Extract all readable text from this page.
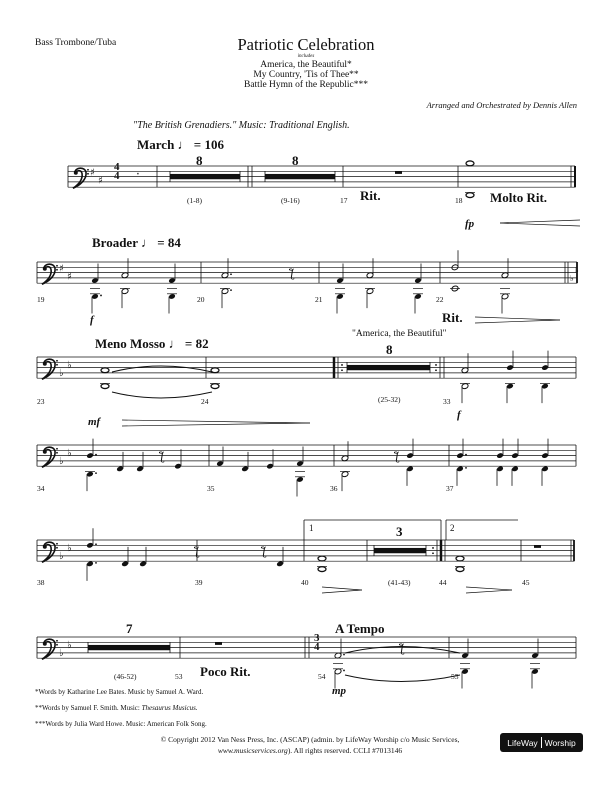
♯
♯
♯
♯	♭
♭
♭
♭
♭
♭
♭
♭
♭
♭
‧
ƪ
ƪ
ƪ	ƪ
ƪ
ƪ
Bass Trombone/Tuba	Patriotic Celebration
includes
America, the Beautiful*
My Country, 'Tis of Thee**
Battle Hymn of the Republic***
Arranged and Orchestrated by Dennis Allen
"The British Grenadiers." Music: Traditional English.
March ♩ = 106
Broader ♩ = 84
Meno Mosso ♩ = 82
A Tempo
"America, the Beautiful"
Rit.	Molto Rit.
Rit.
Poco Rit.
fp
f
mf
f
mp
4
4
3
4
8
(1-8)
8
(9-16)
8
(25-32)
3
(41-43)
7
(46-52)
17	18
19	20	21	22
23	24	33
34	35	36	37
38	39	40	44	45
53	54	55
1	2
*Words by Katharine Lee Bates. Music by Samuel A. Ward.
**Words by Samuel F. Smith. Music: Thesaurus Musicus.
***Words by Julia Ward Howe. Music: American Folk Song.
© Copyright 2012 Van Ness Press, Inc. (ASCAP) (admin. by LifeWay Worship c/o Music Services,
www.musicservices.org). All rights reserved. CCLI #7013146
LifeWay Worship
